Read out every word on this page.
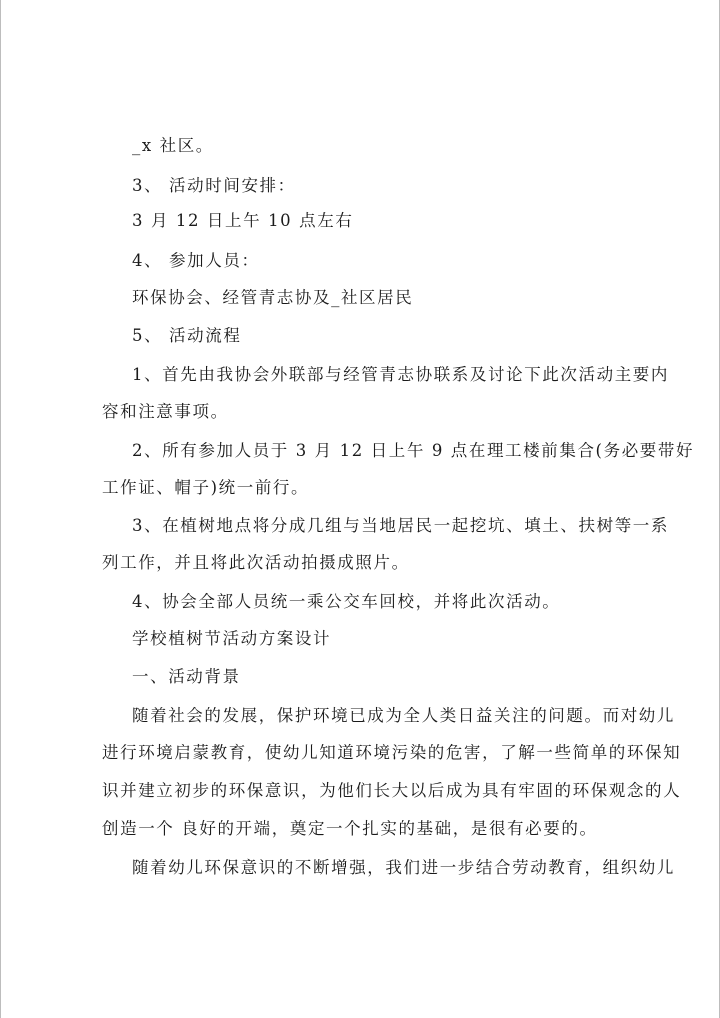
_x 社区。
3、 活动时间安排：
3 月 12 日上午 10 点左右
4、 参加人员：
环保协会、经管青志协及_社区居民
5、 活动流程
1、首先由我协会外联部与经管青志协联系及讨论下此次活动主要内
容和注意事项。
2、所有参加人员于 3 月 12 日上午 9 点在理工楼前集合(务必要带好
工作证、帽子)统一前行。
3、在植树地点将分成几组与当地居民一起挖坑、填土、扶树等一系
列工作，并且将此次活动拍摄成照片。
4、协会全部人员统一乘公交车回校，并将此次活动。
学校植树节活动方案设计
一、活动背景
随着社会的发展，保护环境已成为全人类日益关注的问题。而对幼儿
进行环境启蒙教育，使幼儿知道环境污染的危害，了解一些简单的环保知
识并建立初步的环保意识，为他们长大以后成为具有牢固的环保观念的人
创造一个 良好的开端，奠定一个扎实的基础，是很有必要的。
随着幼儿环保意识的不断增强，我们进一步结合劳动教育，组织幼儿
